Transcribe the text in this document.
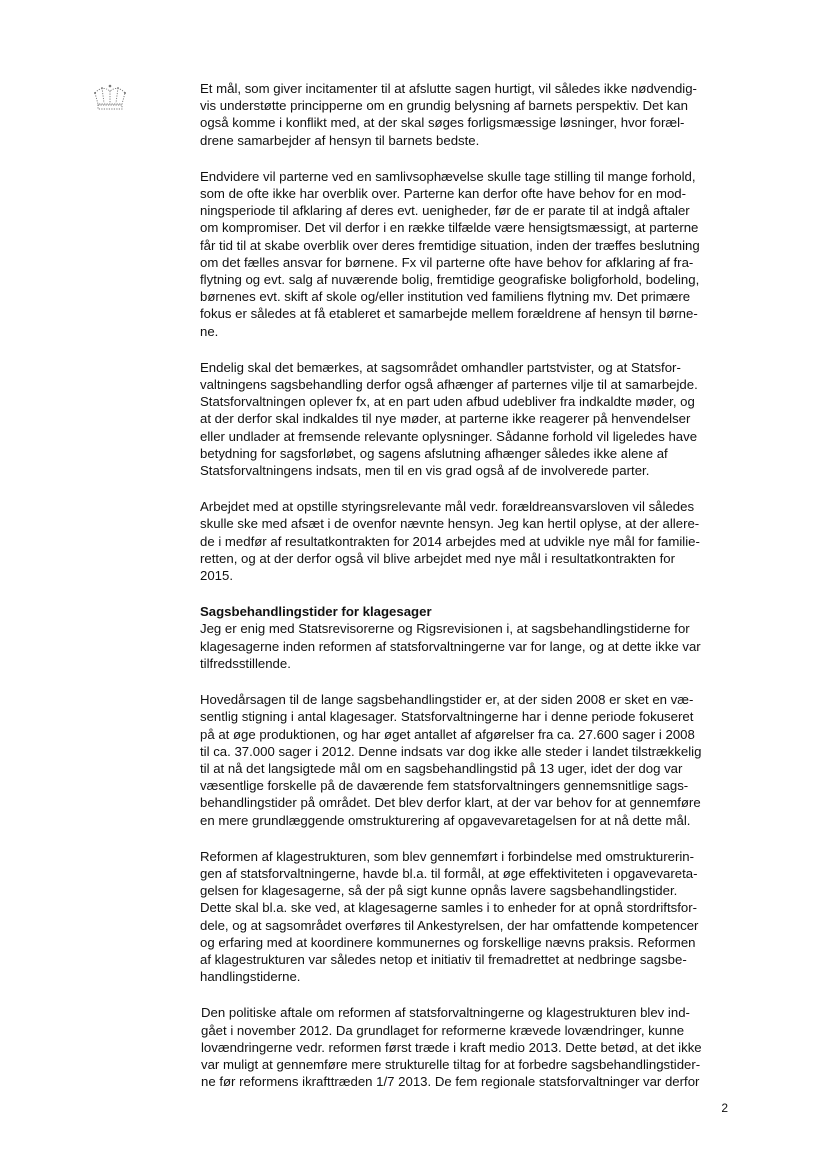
Et mål, som giver incitamenter til at afslutte sagen hurtigt, vil således ikke nødvendig-
vis understøtte principperne om en grundig belysning af barnets perspektiv. Det kan
også komme i konflikt med, at der skal søges forligsmæssige løsninger, hvor foræl-
drene samarbejder af hensyn til barnets bedste.

Endvidere vil parterne ved en samlivsophævelse skulle tage stilling til mange forhold,
som de ofte ikke har overblik over. Parterne kan derfor ofte have behov for en mod-
ningsperiode til afklaring af deres evt. uenigheder, før de er parate til at indgå aftaler
om kompromiser. Det vil derfor i en række tilfælde være hensigtsmæssigt, at parterne
får tid til at skabe overblik over deres fremtidige situation, inden der træffes beslutning
om det fælles ansvar for børnene. Fx vil parterne ofte have behov for afklaring af fra-
flytning og evt. salg af nuværende bolig, fremtidige geografiske boligforhold, bodeling,
børnenes evt. skift af skole og/eller institution ved familiens flytning mv. Det primære
fokus er således at få etableret et samarbejde mellem forældrene af hensyn til børne-
ne.

Endelig skal det bemærkes, at sagsområdet omhandler partstvister, og at Statsfor-
valtningens sagsbehandling derfor også afhænger af parternes vilje til at samarbejde.
Statsforvaltningen oplever fx, at en part uden afbud udebliver fra indkaldte møder, og
at der derfor skal indkaldes til nye møder, at parterne ikke reagerer på henvendelser
eller undlader at fremsende relevante oplysninger. Sådanne forhold vil ligeledes have
betydning for sagsforløbet, og sagens afslutning afhænger således ikke alene af
Statsforvaltningens indsats, men til en vis grad også af de involverede parter.

Arbejdet med at opstille styringsrelevante mål vedr. forældreansvarsloven vil således
skulle ske med afsæt i de ovenfor nævnte hensyn. Jeg kan hertil oplyse, at der allere-
de i medfør af resultatkontrakten for 2014 arbejdes med at udvikle nye mål for familie-
retten, og at der derfor også vil blive arbejdet med nye mål i resultatkontrakten for
2015.

Sagsbehandlingstider for klagesager
Jeg er enig med Statsrevisorerne og Rigsrevisionen i, at sagsbehandlingstiderne for
klagesagerne inden reformen af statsforvaltningerne var for lange, og at dette ikke var
tilfredsstillende.

Hovedårsagen til de lange sagsbehandlingstider er, at der siden 2008 er sket en væ-
sentlig stigning i antal klagesager. Statsforvaltningerne har i denne periode fokuseret
på at øge produktionen, og har øget antallet af afgørelser fra ca. 27.600 sager i 2008
til ca. 37.000 sager i 2012. Denne indsats var dog ikke alle steder i landet tilstrækkelig
til at nå det langsigtede mål om en sagsbehandlingstid på 13 uger, idet der dog var
væsentlige forskelle på de daværende fem statsforvaltningers gennemsnitlige sags-
behandlingstider på området. Det blev derfor klart, at der var behov for at gennemføre
en mere grundlæggende omstrukturering af opgavevaretagelsen for at nå dette mål.

Reformen af klagestrukturen, som blev gennemført i forbindelse med omstrukturerin-
gen af statsforvaltningerne, havde bl.a. til formål, at øge effektiviteten i opgavevareta-
gelsen for klagesagerne, så der på sigt kunne opnås lavere sagsbehandlingstider.
Dette skal bl.a. ske ved, at klagesagerne samles i to enheder for at opnå stordriftsfor-
dele, og at sagsområdet overføres til Ankestyrelsen, der har omfattende kompetencer
og erfaring med at koordinere kommunernes og forskellige nævns praksis. Reformen
af klagestrukturen var således netop et initiativ til fremadrettet at nedbringe sagsbe-
handlingstiderne.

Den politiske aftale om reformen af statsforvaltningerne og klagestrukturen blev ind-
gået i november 2012. Da grundlaget for reformerne krævede lovændringer, kunne
lovændringerne vedr. reformen først træde i kraft medio 2013. Dette betød, at det ikke
var muligt at gennemføre mere strukturelle tiltag for at forbedre sagsbehandlingstider-
ne før reformens ikrafttræden 1/7 2013. De fem regionale statsforvaltninger var derfor

2
